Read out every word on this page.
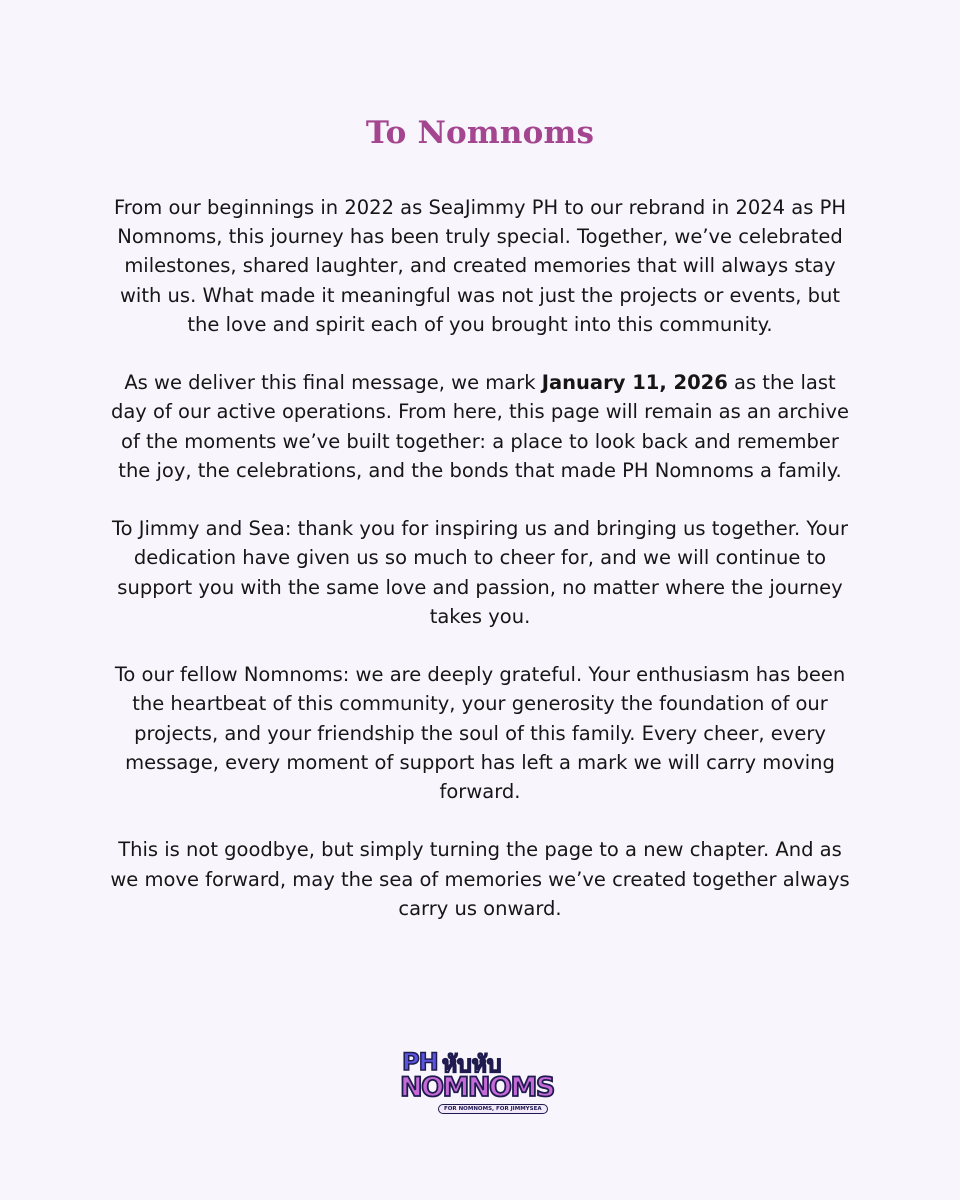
To Nomnoms

From our beginnings in 2022 as SeaJimmy PH to our rebrand in 2024 as PH Nomnoms, this journey has been truly special. Together, we’ve celebrated milestones, shared laughter, and created memories that will always stay with us. What made it meaningful was not just the projects or events, but the love and spirit each of you brought into this community.

As we deliver this final message, we mark January 11, 2026 as the last day of our active operations. From here, this page will remain as an archive of the moments we’ve built together: a place to look back and remember the joy, the celebrations, and the bonds that made PH Nomnoms a family.

To Jimmy and Sea: thank you for inspiring us and bringing us together. Your dedication have given us so much to cheer for, and we will continue to support you with the same love and passion, no matter where the journey takes you.

To our fellow Nomnoms: we are deeply grateful. Your enthusiasm has been the heartbeat of this community, your generosity the foundation of our projects, and your friendship the soul of this family. Every cheer, every message, every moment of support has left a mark we will carry moving forward.

This is not goodbye, but simply turning the page to a new chapter. And as we move forward, may the sea of memories we’ve created together always carry us onward.

PH หับหับ
NOMNOMS
FOR NOMNOMS, FOR JIMMYSEA
